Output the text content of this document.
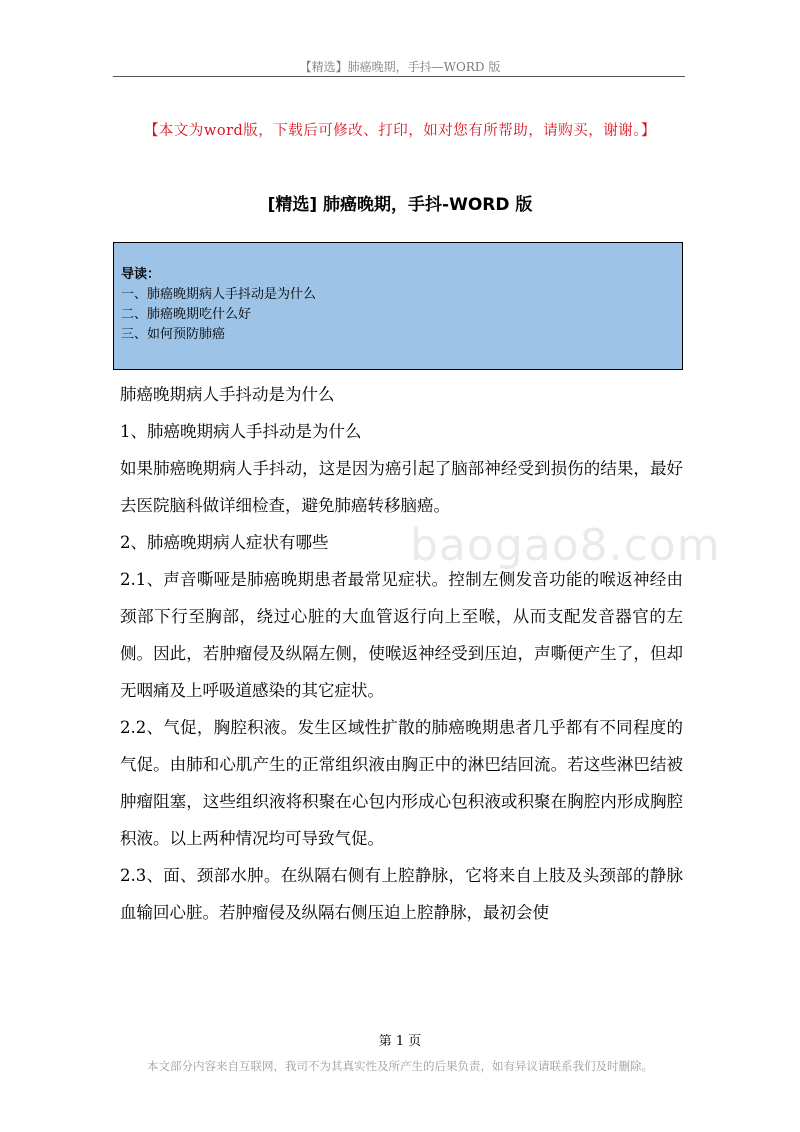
【精选】肺癌晚期，手抖—WORD 版
【本文为word版，下载后可修改、打印，如对您有所帮助，请购买，谢谢。】
[精选] 肺癌晚期，手抖-WORD 版
导读：
一、肺癌晚期病人手抖动是为什么
二、肺癌晚期吃什么好
三、如何预防肺癌
baogao8.com

肺癌晚期病人手抖动是为什么

1、肺癌晚期病人手抖动是为什么

如果肺癌晚期病人手抖动，这是因为癌引起了脑部神经受到损伤的结果，最好去医院脑科做详细检查，避免肺癌转移脑癌。

2、肺癌晚期病人症状有哪些

2.1、声音嘶哑是肺癌晚期患者最常见症状。控制左侧发音功能的喉返神经由颈部下行至胸部，绕过心脏的大血管返行向上至喉，从而支配发音器官的左侧。因此，若肿瘤侵及纵隔左侧，使喉返神经受到压迫，声嘶便产生了，但却无咽痛及上呼吸道感染的其它症状。

2.2、气促，胸腔积液。发生区域性扩散的肺癌晚期患者几乎都有不同程度的气促。由肺和心肌产生的正常组织液由胸正中的淋巴结回流。若这些淋巴结被肿瘤阻塞，这些组织液将积聚在心包内形成心包积液或积聚在胸腔内形成胸腔积液。以上两种情况均可导致气促。

2.3、面、颈部水肿。在纵隔右侧有上腔静脉，它将来自上肢及头颈部的静脉血输回心脏。若肿瘤侵及纵隔右侧压迫上腔静脉，最初会使

第 1 页
本文部分内容来自互联网，我司不为其真实性及所产生的后果负责，如有异议请联系我们及时删除。
